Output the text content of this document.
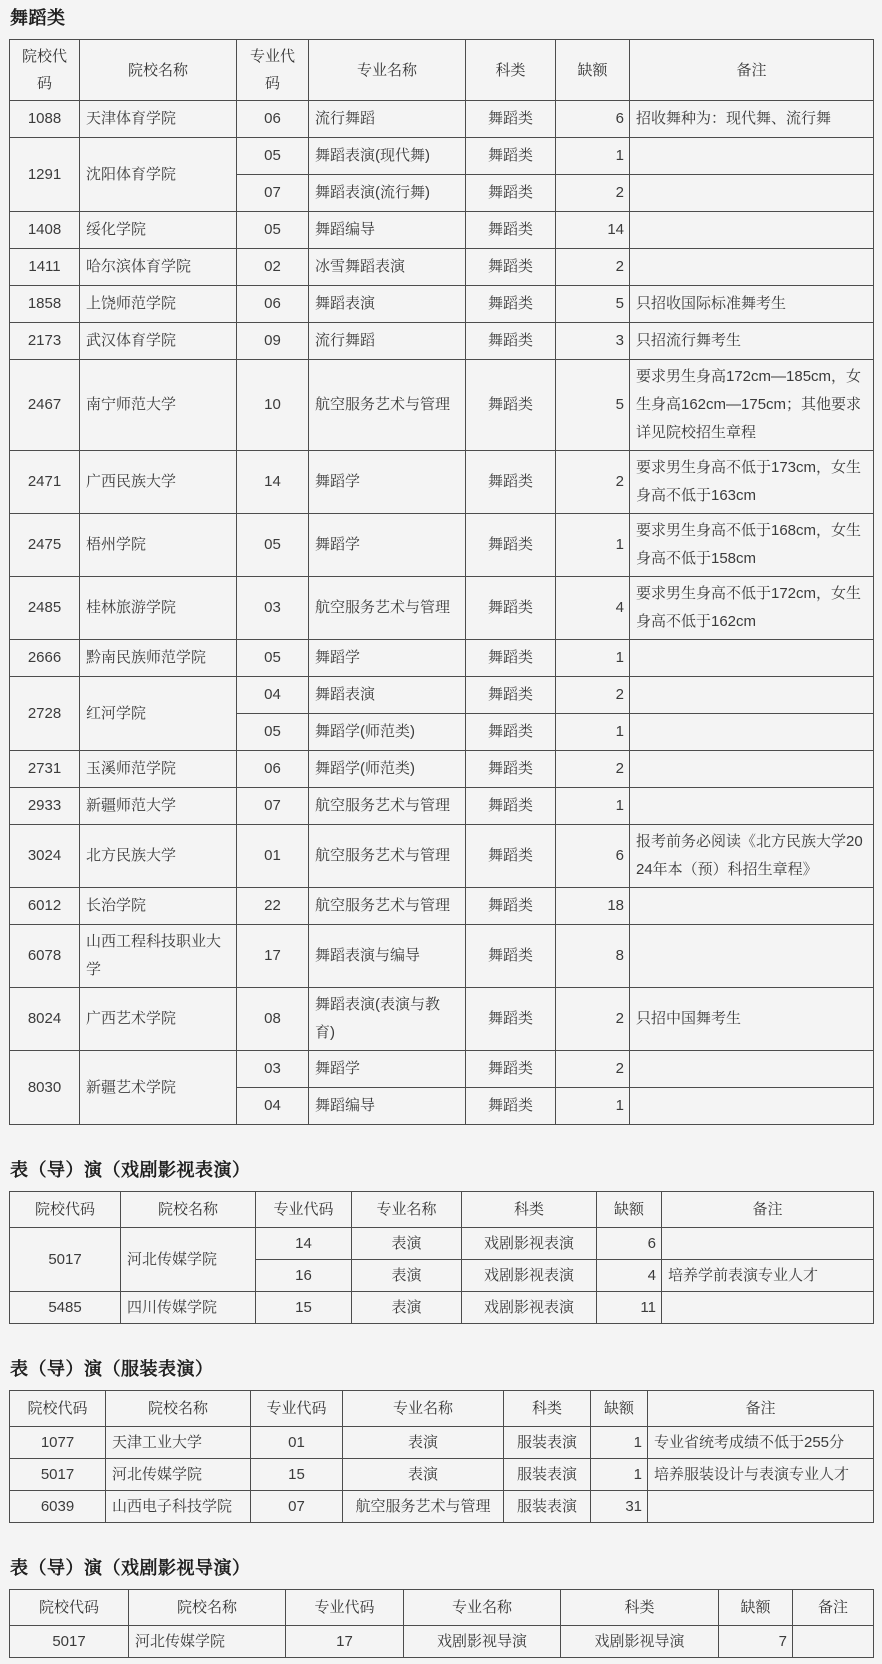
舞蹈类
院校代码	院校名称	专业代码	专业名称	科类	缺额	备注
1088	天津体育学院	06	流行舞蹈	舞蹈类	6	招收舞种为：现代舞、流行舞
1291	沈阳体育学院	05	舞蹈表演(现代舞)	舞蹈类	1	
		07	舞蹈表演(流行舞)	舞蹈类	2	
1408	绥化学院	05	舞蹈编导	舞蹈类	14	
1411	哈尔滨体育学院	02	冰雪舞蹈表演	舞蹈类	2	
1858	上饶师范学院	06	舞蹈表演	舞蹈类	5	只招收国际标准舞考生
2173	武汉体育学院	09	流行舞蹈	舞蹈类	3	只招流行舞考生
2467	南宁师范大学	10	航空服务艺术与管理	舞蹈类	5	要求男生身高172cm—185cm，女生身高162cm—175cm；其他要求详见院校招生章程
2471	广西民族大学	14	舞蹈学	舞蹈类	2	要求男生身高不低于173cm，女生身高不低于163cm
2475	梧州学院	05	舞蹈学	舞蹈类	1	要求男生身高不低于168cm，女生身高不低于158cm
2485	桂林旅游学院	03	航空服务艺术与管理	舞蹈类	4	要求男生身高不低于172cm，女生身高不低于162cm
2666	黔南民族师范学院	05	舞蹈学	舞蹈类	1	
2728	红河学院	04	舞蹈表演	舞蹈类	2	
		05	舞蹈学(师范类)	舞蹈类	1	
2731	玉溪师范学院	06	舞蹈学(师范类)	舞蹈类	2	
2933	新疆师范大学	07	航空服务艺术与管理	舞蹈类	1	
3024	北方民族大学	01	航空服务艺术与管理	舞蹈类	6	报考前务必阅读《北方民族大学2024年本（预）科招生章程》
6012	长治学院	22	航空服务艺术与管理	舞蹈类	18	
6078	山西工程科技职业大学	17	舞蹈表演与编导	舞蹈类	8	
8024	广西艺术学院	08	舞蹈表演(表演与教育)	舞蹈类	2	只招中国舞考生
8030	新疆艺术学院	03	舞蹈学	舞蹈类	2	
		04	舞蹈编导	舞蹈类	1	
表（导）演（戏剧影视表演）
院校代码	院校名称	专业代码	专业名称	科类	缺额	备注
5017	河北传媒学院	14	表演	戏剧影视表演	6	
		16	表演	戏剧影视表演	4	培养学前表演专业人才
5485	四川传媒学院	15	表演	戏剧影视表演	11	
表（导）演（服装表演）
院校代码	院校名称	专业代码	专业名称	科类	缺额	备注
1077	天津工业大学	01	表演	服装表演	1	专业省统考成绩不低于255分
5017	河北传媒学院	15	表演	服装表演	1	培养服装设计与表演专业人才
6039	山西电子科技学院	07	航空服务艺术与管理	服装表演	31	
表（导）演（戏剧影视导演）
院校代码	院校名称	专业代码	专业名称	科类	缺额	备注
5017	河北传媒学院	17	戏剧影视导演	戏剧影视导演	7	
